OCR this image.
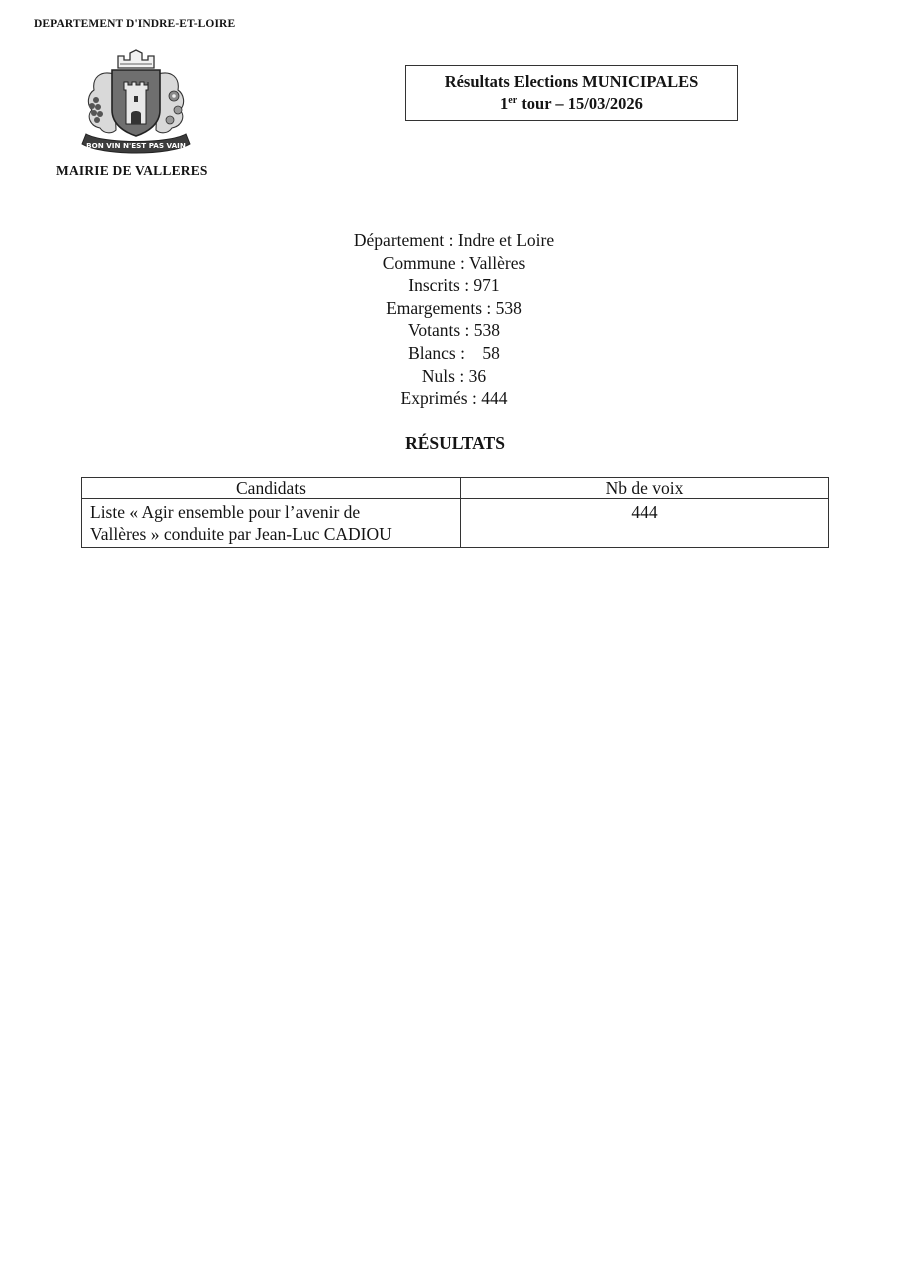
DEPARTEMENT D'INDRE-ET-LOIRE
BON VIN N'EST PAS VAIN
MAIRIE DE VALLERES
Résultats Elections MUNICIPALES
1er tour – 15/03/2026
Département : Indre et Loire
Commune : Vallères
Inscrits : 971
Emargements : 538
Votants : 538
Blancs :    58
Nuls : 36
Exprimés : 444
RÉSULTATS
Candidats	Nb de voix

Liste « Agir ensemble pour l’avenir de
Vallères » conduite par Jean-Luc CADIOU	444
